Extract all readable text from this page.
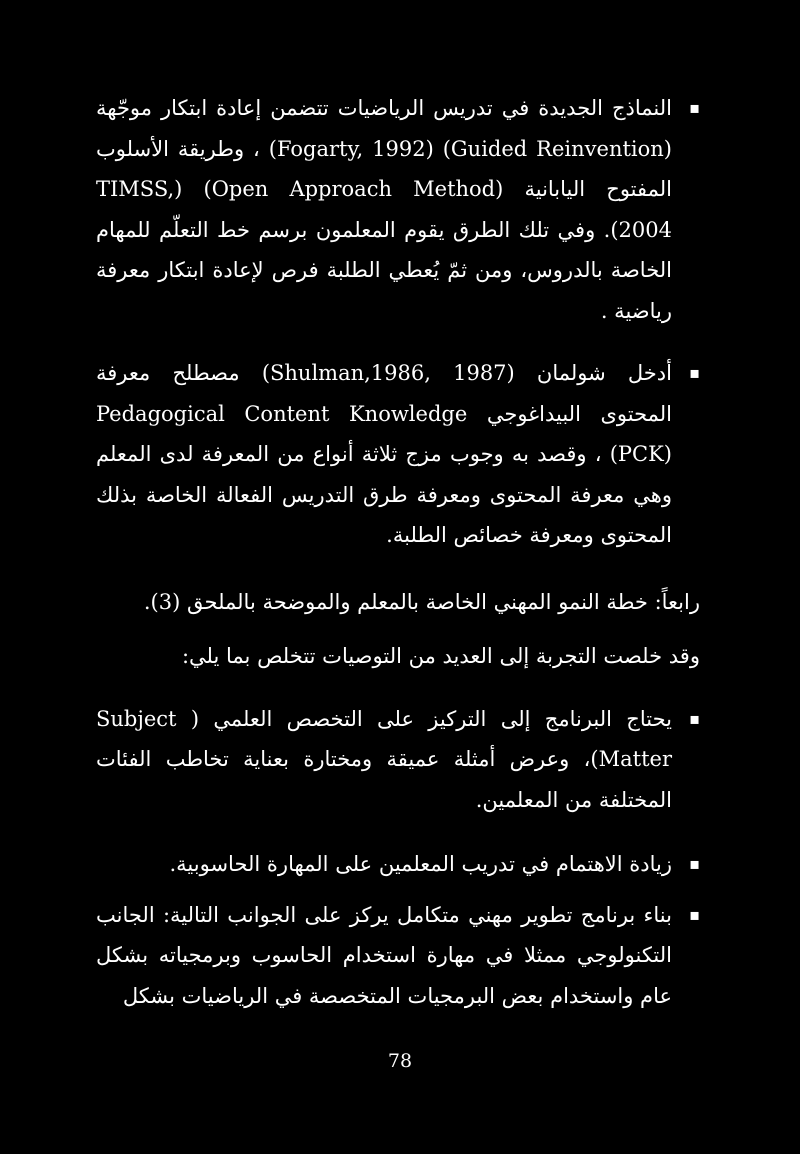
▪ النماذج الجديدة في تدريس الرياضيات تتضمن إعادة ابتكار موجّهة (Guided Reinvention) (Fogarty, 1992) ، وطريقة الأسلوب المفتوح اليابانية (Open Approach Method) (TIMSS, 2004). وفي تلك الطرق يقوم المعلمون برسم خط التعلّم للمهام الخاصة بالدروس، ومن ثمّ يُعطي الطلبة فرص لإعادة ابتكار معرفة رياضية .

▪ أدخل شولمان (Shulman,1986, 1987) مصطلح معرفة المحتوى البيداغوجي Pedagogical Content Knowledge (PCK) ، وقصد به وجوب مزج ثلاثة أنواع من المعرفة لدى المعلم وهي معرفة المحتوى ومعرفة طرق التدريس الفعالة الخاصة بذلك المحتوى ومعرفة خصائص الطلبة.

رابعاً: خطة النمو المهني الخاصة بالمعلم والموضحة بالملحق (3).

وقد خلصت التجربة إلى العديد من التوصيات تتخلص بما يلي:

▪ يحتاج البرنامج إلى التركيز على التخصص العلمي ( Subject Matter)، وعرض أمثلة عميقة ومختارة بعناية تخاطب الفئات المختلفة من المعلمين.

▪ زيادة الاهتمام في تدريب المعلمين على المهارة الحاسوبية.

▪ بناء برنامج تطوير مهني متكامل يركز على الجوانب التالية: الجانب التكنولوجي ممثلا في مهارة استخدام الحاسوب وبرمجياته بشكل عام واستخدام بعض البرمجيات المتخصصة في الرياضيات بشكل

78
